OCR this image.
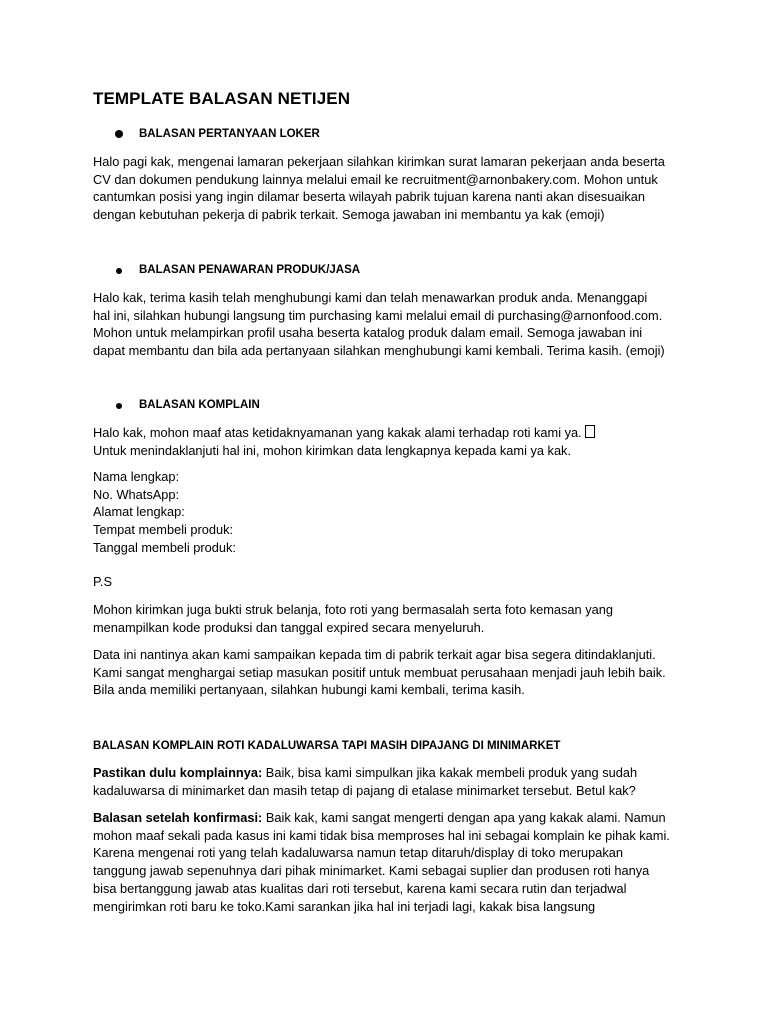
TEMPLATE BALASAN NETIJEN
BALASAN PERTANYAAN LOKER
Halo pagi kak, mengenai lamaran pekerjaan silahkan kirimkan surat lamaran pekerjaan anda beserta
CV dan dokumen pendukung lainnya melalui email ke recruitment@arnonbakery.com. Mohon untuk
cantumkan posisi yang ingin dilamar beserta wilayah pabrik tujuan karena nanti akan disesuaikan
dengan kebutuhan pekerja di pabrik terkait. Semoga jawaban ini membantu ya kak (emoji)
BALASAN PENAWARAN PRODUK/JASA
Halo kak, terima kasih telah menghubungi kami dan telah menawarkan produk anda. Menanggapi
hal ini, silahkan hubungi langsung tim purchasing kami melalui email di purchasing@arnonfood.com.
Mohon untuk melampirkan profil usaha beserta katalog produk dalam email. Semoga jawaban ini
dapat membantu dan bila ada pertanyaan silahkan menghubungi kami kembali. Terima kasih. (emoji)
BALASAN KOMPLAIN
Halo kak, mohon maaf atas ketidaknyamanan yang kakak alami terhadap roti kami ya.
Untuk menindaklanjuti hal ini, mohon kirimkan data lengkapnya kepada kami ya kak.
Nama lengkap:
No. WhatsApp:
Alamat lengkap:
Tempat membeli produk:
Tanggal membeli produk:
P.S
Mohon kirimkan juga bukti struk belanja, foto roti yang bermasalah serta foto kemasan yang
menampilkan kode produksi dan tanggal expired secara menyeluruh.
Data ini nantinya akan kami sampaikan kepada tim di pabrik terkait agar bisa segera ditindaklanjuti.
Kami sangat menghargai setiap masukan positif untuk membuat perusahaan menjadi jauh lebih baik.
Bila anda memiliki pertanyaan, silahkan hubungi kami kembali, terima kasih.
BALASAN KOMPLAIN ROTI KADALUWARSA TAPI MASIH DIPAJANG DI MINIMARKET
Pastikan dulu komplainnya: Baik, bisa kami simpulkan jika kakak membeli produk yang sudah
kadaluwarsa di minimarket dan masih tetap di pajang di etalase minimarket tersebut. Betul kak?
Balasan setelah konfirmasi: Baik kak, kami sangat mengerti dengan apa yang kakak alami. Namun
mohon maaf sekali pada kasus ini kami tidak bisa memproses hal ini sebagai komplain ke pihak kami.
Karena mengenai roti yang telah kadaluwarsa namun tetap ditaruh/display di toko merupakan
tanggung jawab sepenuhnya dari pihak minimarket. Kami sebagai suplier dan produsen roti hanya
bisa bertanggung jawab atas kualitas dari roti tersebut, karena kami secara rutin dan terjadwal
mengirimkan roti baru ke toko.Kami sarankan jika hal ini terjadi lagi, kakak bisa langsung
